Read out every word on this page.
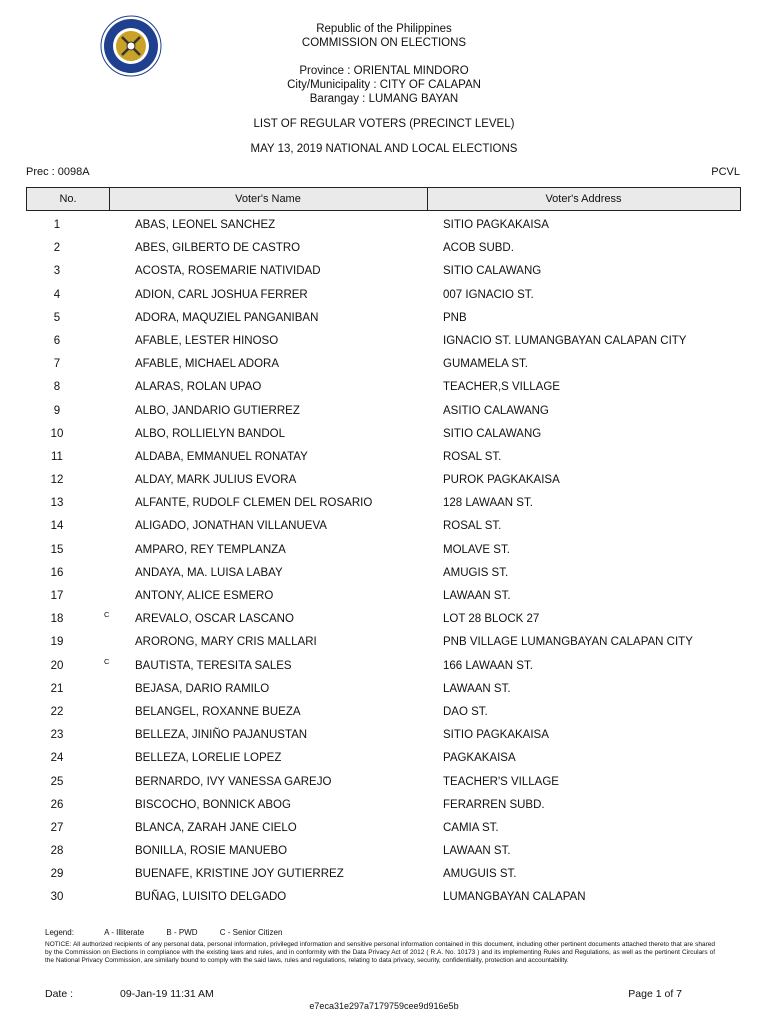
Republic of the Philippines
COMMISSION ON ELECTIONS
Province : ORIENTAL MINDORO
City/Municipality : CITY OF CALAPAN
Barangay : LUMANG BAYAN
LIST OF REGULAR VOTERS (PRECINCT LEVEL)
MAY 13, 2019 NATIONAL AND LOCAL ELECTIONS
Prec : 0098A	PCVL
No.	Voter's Name	Voter's Address
1	ABAS, LEONEL SANCHEZ	SITIO PAGKAKAISA
2	ABES, GILBERTO DE CASTRO	ACOB SUBD.
3	ACOSTA, ROSEMARIE NATIVIDAD	SITIO CALAWANG
4	ADION, CARL JOSHUA FERRER	007 IGNACIO ST.
5	ADORA, MAQUZIEL PANGANIBAN	PNB
6	AFABLE, LESTER HINOSO	IGNACIO ST. LUMANGBAYAN CALAPAN CITY
7	AFABLE, MICHAEL ADORA	GUMAMELA ST.
8	ALARAS, ROLAN UPAO	TEACHER,S VILLAGE
9	ALBO, JANDARIO GUTIERREZ	ASITIO CALAWANG
10	ALBO, ROLLIELYN BANDOL	SITIO CALAWANG
11	ALDABA, EMMANUEL RONATAY	ROSAL ST.
12	ALDAY, MARK JULIUS EVORA	PUROK PAGKAKAISA
13	ALFANTE, RUDOLF CLEMEN DEL ROSARIO	128 LAWAAN ST.
14	ALIGADO, JONATHAN VILLANUEVA	ROSAL ST.
15	AMPARO, REY TEMPLANZA	MOLAVE ST.
16	ANDAYA, MA. LUISA LABAY	AMUGIS ST.
17	ANTONY, ALICE ESMERO	LAWAAN ST.
18	C AREVALO, OSCAR LASCANO	LOT 28 BLOCK 27
19	ARORONG, MARY CRIS MALLARI	PNB VILLAGE LUMANGBAYAN CALAPAN CITY
20	C BAUTISTA, TERESITA SALES	166 LAWAAN ST.
21	BEJASA, DARIO RAMILO	LAWAAN ST.
22	BELANGEL, ROXANNE BUEZA	DAO ST.
23	BELLEZA, JINIÑO PAJANUSTAN	SITIO PAGKAKAISA
24	BELLEZA, LORELIE LOPEZ	PAGKAKAISA
25	BERNARDO, IVY VANESSA GAREJO	TEACHER'S VILLAGE
26	BISCOCHO, BONNICK ABOG	FERARREN SUBD.
27	BLANCA, ZARAH JANE CIELO	CAMIA ST.
28	BONILLA, ROSIE MANUEBO	LAWAAN ST.
29	BUENAFE, KRISTINE JOY GUTIERREZ	AMUGUIS ST.
30	BUÑAG, LUISITO DELGADO	LUMANGBAYAN CALAPAN
Legend:	A - Illiterate	B - PWD	C - Senior Citizen
NOTICE: All authorized recipients of any personal data, personal information, privileged information and sensitive personal information contained in this document, including other pertinent documents attached thereto that are shared by the Commission on Elections in compliance with the existing laws and rules, and in conformity with the Data Privacy Act of 2012 ( R.A. No. 10173 ) and its implementing Rules and Regulations, as well as the pertinent Circulars of the National Privacy Commission, are similarly bound to comply with the said laws, rules and regulations, relating to data privacy, security, confidentiality, protection and accountability.
Date :	09-Jan-19 11:31 AM	Page 1 of 7
e7eca31e297a7179759cee9d916e5b
